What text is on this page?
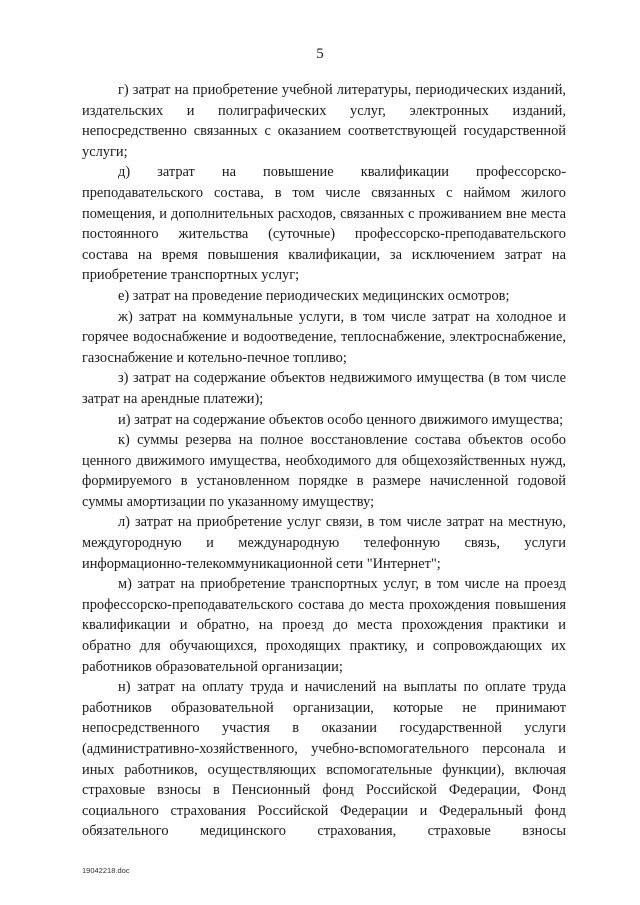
5

г) затрат на приобретение учебной литературы, периодических изданий, издательских и полиграфических услуг, электронных изданий, непосредственно связанных с оказанием соответствующей государственной услуги;

д) затрат на повышение квалификации профессорско-преподавательского состава, в том числе связанных с наймом жилого помещения, и дополнительных расходов, связанных с проживанием вне места постоянного жительства (суточные) профессорско-преподавательского состава на время повышения квалификации, за исключением затрат на приобретение транспортных услуг;

е) затрат на проведение периодических медицинских осмотров;

ж) затрат на коммунальные услуги, в том числе затрат на холодное и горячее водоснабжение и водоотведение, теплоснабжение, электроснабжение, газоснабжение и котельно-печное топливо;

з) затрат на содержание объектов недвижимого имущества (в том числе затрат на арендные платежи);

и) затрат на содержание объектов особо ценного движимого имущества;

к) суммы резерва на полное восстановление состава объектов особо ценного движимого имущества, необходимого для общехозяйственных нужд, формируемого в установленном порядке в размере начисленной годовой суммы амортизации по указанному имуществу;

л) затрат на приобретение услуг связи, в том числе затрат на местную, междугородную и международную телефонную связь, услуги информационно-телекоммуникационной сети "Интернет";

м) затрат на приобретение транспортных услуг, в том числе на проезд профессорско-преподавательского состава до места прохождения повышения квалификации и обратно, на проезд до места прохождения практики и обратно для обучающихся, проходящих практику, и сопровождающих их работников образовательной организации;

н) затрат на оплату труда и начислений на выплаты по оплате труда работников образовательной организации, которые не принимают непосредственного участия в оказании государственной услуги (административно-хозяйственного, учебно-вспомогательного персонала и иных работников, осуществляющих вспомогательные функции), включая страховые взносы в Пенсионный фонд Российской Федерации, Фонд социального страхования Российской Федерации и Федеральный фонд обязательного медицинского страхования, страховые взносы

19042218.doc
